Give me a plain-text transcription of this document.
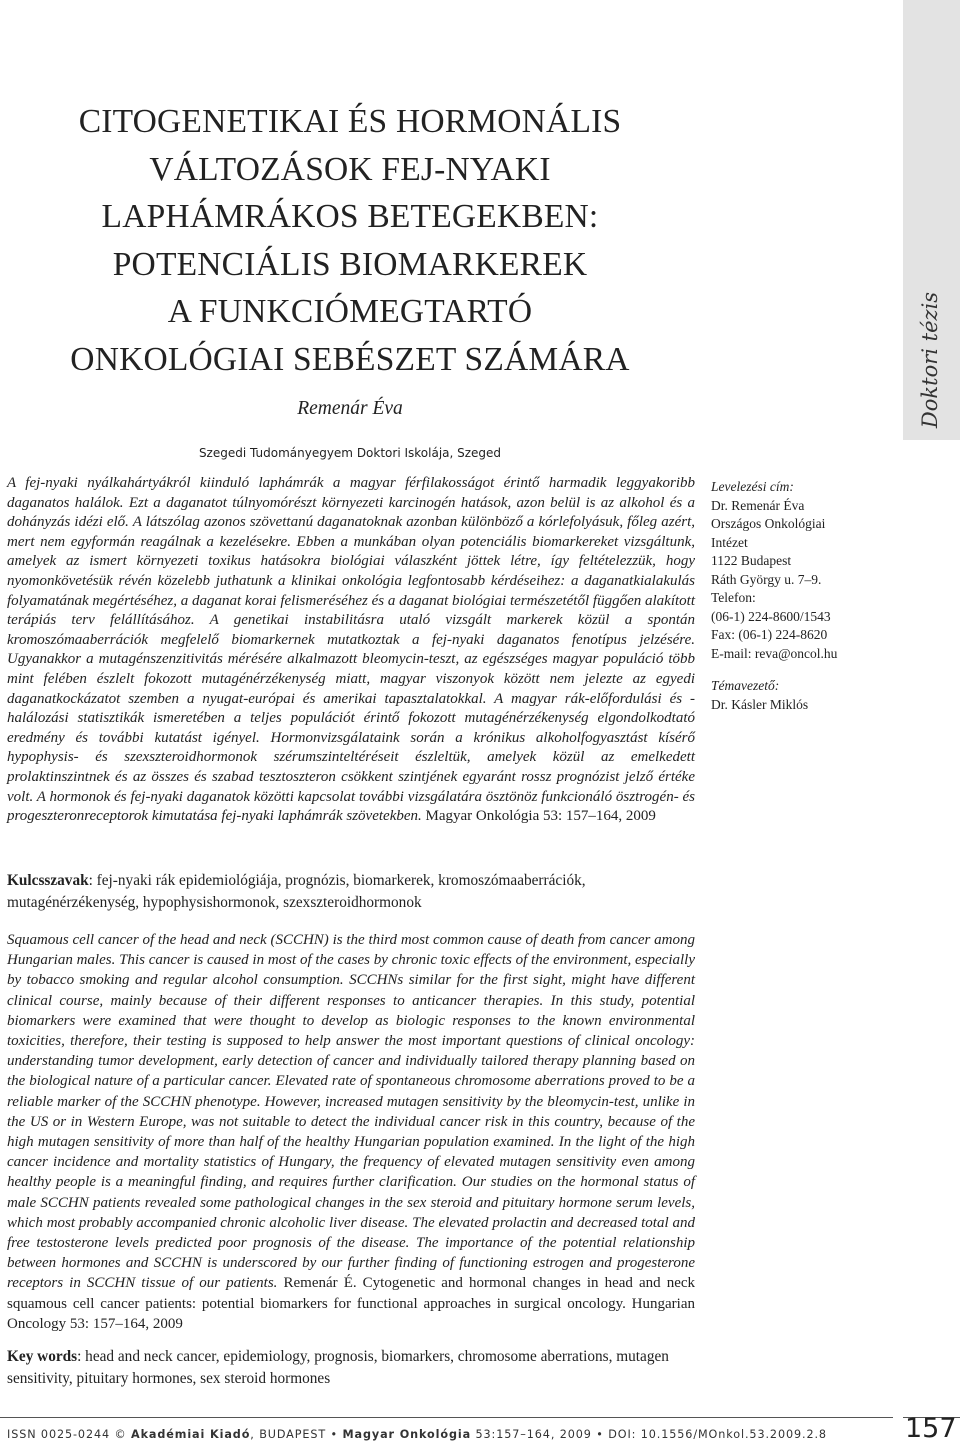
Doktori tézis
CITOGENETIKAI ÉS HORMONÁLIS
VÁLTOZÁSOK FEJ-NYAKI
LAPHÁMRÁKOS BETEGEKBEN:
POTENCIÁLIS BIOMARKEREK
A FUNKCIÓMEGTARTÓ
ONKOLÓGIAI SEBÉSZET SZÁMÁRA
Remenár Éva
Szegedi Tudományegyem Doktori Iskolája, Szeged

A fej-nyaki nyálkahártyákról kiinduló laphámrák a magyar férfilakosságot érintő harmadik leggyakoribb daganatos halálok. Ezt a daganatot túlnyomórészt környezeti karcinogén hatások, azon belül is az alkohol és a dohányzás idézi elő. A látszólag azonos szövettanú daganatoknak azonban különböző a kórlefolyásuk, főleg azért, mert nem egyformán reagálnak a kezelésekre. Ebben a munkában olyan potenciális biomarkereket vizsgáltunk, amelyek az ismert környezeti toxikus hatásokra biológiai válaszként jöttek létre, így feltételezzük, hogy nyomonkövetésük révén közelebb juthatunk a klinikai onkológia legfontosabb kérdéseihez: a daganatkialakulás folyamatának megértéséhez, a daganat korai felismeréséhez és a daganat biológiai természetétől függően alakított terápiás terv felállításához. A genetikai instabilitásra utaló vizsgált markerek közül a spontán kromoszómaaberrációk megfelelő biomarkernek mutatkoztak a fej-nyaki daganatos fenotípus jelzésére. Ugyanakkor a mutagénszenzitivitás mérésére alkalmazott bleomycin-teszt, az egészséges magyar populáció több mint felében észlelt fokozott mutagénérzékenység miatt, magyar viszonyok között nem jelezte az egyedi daganatkockázatot szemben a nyugat-európai és amerikai tapasztalatokkal. A magyar rák-előfordulási és -halálozási statisztikák ismeretében a teljes populációt érintő fokozott mutagénérzékenység elgondolkodtató eredmény és további kutatást igényel. Hormonvizsgálataink során a krónikus alkoholfogyasztást kísérő hypophysis- és szexszteroidhormonok szérumszinteltéréseit észleltük, amelyek közül az emelkedett prolaktinszintnek és az összes és szabad tesztoszteron csökkent szintjének egyaránt rossz prognózist jelző értéke volt. A hormonok és fej-nyaki daganatok közötti kapcsolat további vizsgálatára ösztönöz funkcionáló ösztrogén- és progeszteronreceptorok kimutatása fej-nyaki laphámrák szövetekben. Magyar Onkológia 53: 157–164, 2009

Kulcsszavak: fej-nyaki rák epidemiológiája, prognózis, biomarkerek, kromoszómaaberrációk, mutagénérzékenység, hypophysishormonok, szexszteroidhormonok

Squamous cell cancer of the head and neck (SCCHN) is the third most common cause of death from cancer among Hungarian males. This cancer is caused in most of the cases by chronic toxic effects of the environment, especially by tobacco smoking and regular alcohol consumption. SCCHNs similar for the first sight, might have different clinical course, mainly because of their different responses to anticancer therapies. In this study, potential biomarkers were examined that were thought to develop as biologic responses to the known environmental toxicities, therefore, their testing is supposed to help answer the most important questions of clinical oncology: understanding tumor development, early detection of cancer and individually tailored therapy planning based on the biological nature of a particular cancer. Elevated rate of spontaneous chromosome aberrations proved to be a reliable marker of the SCCHN phenotype. However, increased mutagen sensitivity by the bleomycin-test, unlike in the US or in Western Europe, was not suitable to detect the individual cancer risk in this country, because of the high mutagen sensitivity of more than half of the healthy Hungarian population examined. In the light of the high cancer incidence and mortality statistics of Hungary, the frequency of elevated mutagen sensitivity even among healthy people is a meaningful finding, and requires further clarification. Our studies on the hormonal status of male SCCHN patients revealed some pathological changes in the sex steroid and pituitary hormone serum levels, which most probably accompanied chronic alcoholic liver disease. The elevated prolactin and decreased total and free testosterone levels predicted poor prognosis of the disease. The importance of the potential relationship between hormones and SCCHN is underscored by our further finding of functioning estrogen and progesterone receptors in SCCHN tissue of our patients. Remenár É. Cytogenetic and hormonal changes in head and neck squamous cell cancer patients: potential biomarkers for functional approaches in surgical oncology. Hungarian Oncology 53: 157–164, 2009

Key words: head and neck cancer, epidemiology, prognosis, biomarkers, chromosome aberrations, mutagen sensitivity, pituitary hormones, sex steroid hormones

Levelezési cím:
Dr. Remenár Éva
Országos Onkológiai
Intézet
1122 Budapest
Ráth György u. 7–9.
Telefon:
(06-1) 224-8600/1543
Fax: (06-1) 224-8620
E-mail: reva@oncol.hu
Témavezető:
Dr. Kásler Miklós
ISSN 0025-0244 © Akadémiai Kiadó, BUDAPEST • Magyar Onkológia 53:157–164, 2009 • DOI: 10.1556/MOnkol.53.2009.2.8	157
